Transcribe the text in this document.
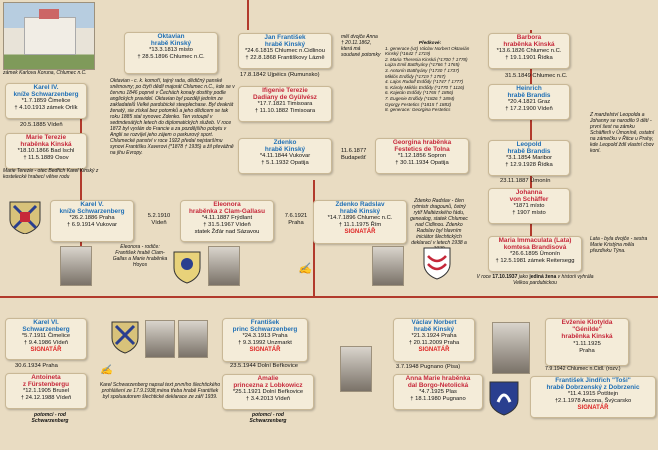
zámek Karlova Koruna, Chlumec n.C.
Oktavian
hrabě Kinský
*13.3.1813 místo
† 28.5.1896 Chlumec n.C.
Oktavian - c. k. komoří, tajný rada, dědičný panské sněmovny; po čtyři dědil majorát Chlumec n.C., kde se v červnu 1846 poprvé v Čechách konaly dostihy podle anglických pravidel. Oktavian byl později jedním ze zakladatelů Velké pardubické steeplechase. Byl dvakrát ženatý, sie získal bez potomků a jeho dědicem se tak roku 1885 stal synovec Zdenko. Ten vstoupil v sedmdesátých letech do diplomatických služeb. V roce 1872 byl vyslán do Francie a za pozdějšího pobytu v Anglii se rozvíjel jeho zájem o parkurový sport. Chlumecké panství v roce 1922 předal nejstaršímu synovi Františku Xaverovi (*1878 † 1935) a žil převážně na jihu Evropy.
Karel IV.
kníže Schwarzenberg
*1.7.1859 Čimelice
† 4.10.1913 zámek Orlík
20.5.1885 Vídeň
Marie Terezie
hraběnka Kinská
*18.10.1866 Bad Ischl
† 11.5.1889 Osov
Marie Terezie - otec Bedřich Karel Kinský z kostelecké hrabecí větve rodu
Jan František
hrabě Kinský
*24.6.1815 Chlumec n.Cidlinou
† 22.8.1868 Františkovy Lázně
17.8.1842 Ujpéics (Rumunsko)
Ifigenie Terezie
Dadiany de Gyülvész
*17.7.1821 Timisoara
† 11.10.1882 Timisoara
Zdenko
hrabě Kinský
*4.11.1844 Vukovar
† 5.1.1932 Opatija
11.6.1877 Budapešť
měl dvojče Anna † 20.11.1862, která má soudané potomky
Předkové:
1. generace (vz) Václav Norbert Oktavián Kinský (*1642 † 1719)
2. Maria Theresia Kinská (*1700 † 1778)
Lujza Emil Batthyány (*1766 † 1765)
3. Antonín Batthyány (*1730 † 1737)
Miklós Erdődy (*1719 † 1757)
4. Lajos Rudolf Erdődy (*1747 † 1777)
5. Károly Miklós Erdődy (*1770 † 1116)
6. Kajetán Erdődy (*1765 † 1856)
7. Eugenie Erdődy (*1826 † 1894)
Gyorgy Festetics (*1815 † 1883)
8. generace: Georgina Festetics
Georgina hraběnka
Festetics de Tolna
*1.12.1856 Sopron
† 30.11.1934 Opatija
Barbora
hraběnka Kinská
*13.6.1826 Chlumec n.C.
† 19.1.1901 Řídka
31.5.1849 Chlumec n.C.
Heinrich
hrabě Brandis
*20.4.1821 Graz
† 17.2.1900 Vídeň
Leopold
hrabě Brandis
*3.1.1854 Maribor
† 12.9.1928 Řídka
23.11.1887 Úmonín
Z manželství Leopolda a Johanny se narodilo 9 dětí - první šest na zámku Schäfferli v Úmoníně, ostatní na zámečku v Řitce u Prahy, kde Leopold ždil vlastní chov koní.
Johanna
von Schäffer
*1871 místo
† 1907 místo
Karel V.
kníže Schwarzenberg
*26.2.1886 Praha
† 6.9.1914 Vukovar
5.2.1910 Vídeň
Eleonora
hraběnka z Clam-Gallasu
*4.11.1887 Frýdlant
† 31.5.1967 Vídeň
statek Žďár nad Sázavou
7.6.1921 Praha
Zdenko Radslav
hrabě Kinský
*14.7.1896 Chlumec n.C.
† 11.1.1975 Řím
SIGNATÁŘ
Zdenko Radslav - člen rytmistr dragounů, četný rytíř Maltézského řádu, genealog, statek Chlumec nad Cidlinou. Zdenko Radslav byl hlavním iniciátor šlechtických deklarací v letech 1938 a
Eleonora - rodiče: František hrabě Clam-Gallas a Marie hraběnka Hoyos	✍
Maria Immaculata (Lata)
komtesa Brandisová
*26.6.1895 Úmonín
† 12.5.1981 zámek Reitersegg
Lata - byla dvojče - sestra Marie Kristýna měla přezdívku Týna.
V roce 17.10.1937 jako jediná žena v historii vyhrála Velkou pardubickou
Karel VI.
Schwarzenberg
*5.7.1911 Čimelice
† 9.4.1986 Vídeň
SIGNATÁŘ
30.6.1934 Praha
Antoineta
z Fürstenbergu
*12.1.1905 Brusel
† 24.12.1988 Vídeň
potomci - rod Schwarzenberg
✍
Karel Schwarzenberg napsal text prvního šlechtického prohlášení ze 17.9.1938,ména třeba hrabě František byl spoluautorem šlechtické deklarace ze září 1939.
František
princ Schwarzenberg
*24.3.1913 Praha
† 9.3.1992 Unzmarkt
SIGNATÁŘ
23.5.1944 Dolní Beřkovice
Amalie
princezna z Lobkowicz
*25.1.1921 Dolní Beřkovice
† 3.4.2013 Vídeň
potomci - rod Schwarzenberg
Václav Norbert
hrabě Kinský
*21.3.1924 Praha
† 20.11.2009 Praha
SIGNATÁŘ
3.7.1948 Pugnano (Pisa)
Anna Marie hraběnka
dal Borgo-Netolická
*4.7.1925 Plas
† 18.1.1980 Pugnano
Evženie Klotylda
"Génilde"
hraběnka Kinská
*1.11.1925
Praha
7.9.1942 Chlumec n.Cidl. (rozv.)
František Jindřich "Toši"
hrabě Dobrzenský z Dobrzenic
*11.4.1915 Potštejn
†2.1.1978 Ascona, Švýcarsko
SIGNATÁŘ
